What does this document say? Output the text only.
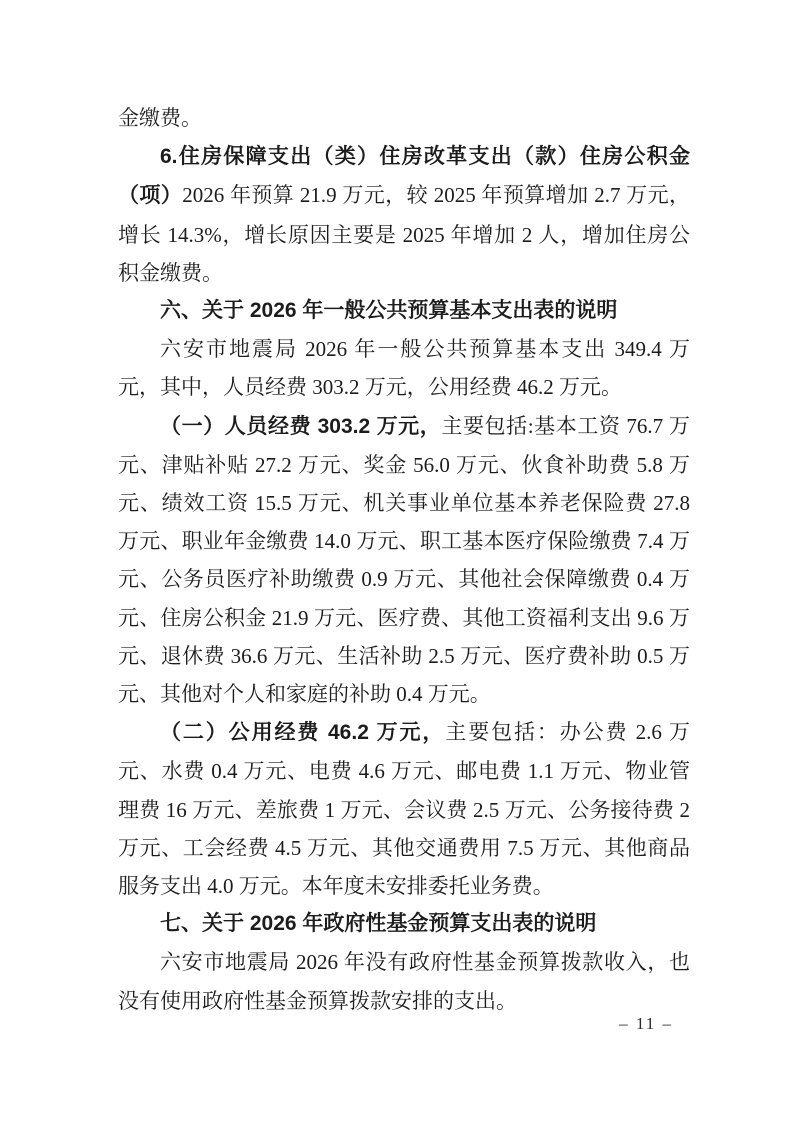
金缴费。

6.住房保障支出（类）住房改革支出（款）住房公积金（项）2026 年预算 21.9 万元，较 2025 年预算增加 2.7 万元，增长 14.3%，增长原因主要是 2025 年增加 2 人，增加住房公积金缴费。

六、关于 2026 年一般公共预算基本支出表的说明

六安市地震局 2026 年一般公共预算基本支出 349.4 万元，其中，人员经费 303.2 万元，公用经费 46.2 万元。

（一）人员经费 303.2 万元，主要包括:基本工资 76.7 万元、津贴补贴 27.2 万元、奖金 56.0 万元、伙食补助费 5.8 万元、绩效工资 15.5 万元、机关事业单位基本养老保险费 27.8 万元、职业年金缴费 14.0 万元、职工基本医疗保险缴费 7.4 万元、公务员医疗补助缴费 0.9 万元、其他社会保障缴费 0.4 万元、住房公积金 21.9 万元、医疗费、其他工资福利支出 9.6 万元、退休费 36.6 万元、生活补助 2.5 万元、医疗费补助 0.5 万元、其他对个人和家庭的补助 0.4 万元。

（二）公用经费 46.2 万元，主要包括：办公费 2.6 万元、水费 0.4 万元、电费 4.6 万元、邮电费 1.1 万元、物业管理费 16 万元、差旅费 1 万元、会议费 2.5 万元、公务接待费 2 万元、工会经费 4.5 万元、其他交通费用 7.5 万元、其他商品服务支出 4.0 万元。本年度未安排委托业务费。

七、关于 2026 年政府性基金预算支出表的说明

六安市地震局 2026 年没有政府性基金预算拨款收入，也没有使用政府性基金预算拨款安排的支出。

– 11 –
